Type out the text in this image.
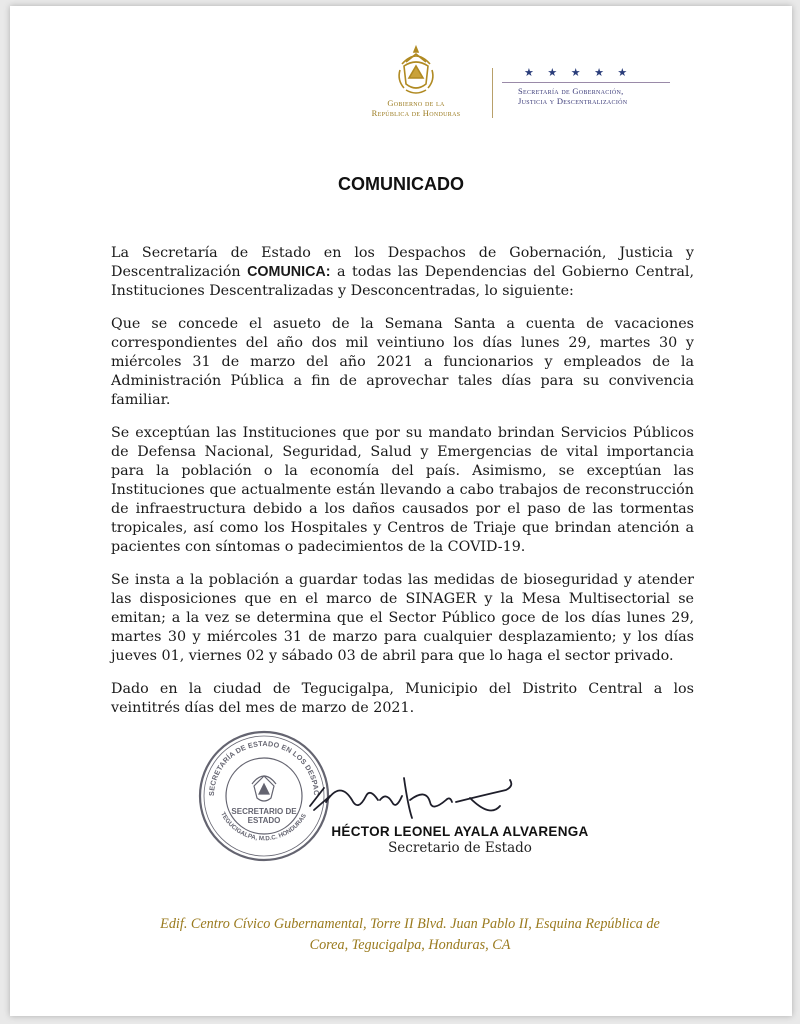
Gobierno de la
República de Honduras
★ ★ ★ ★ ★
Secretaría de Gobernación,
Justicia y Descentralización
COMUNICADO

La Secretaría de Estado en los Despachos de Gobernación, Justicia y Descentralización COMUNICA: a todas las Dependencias del Gobierno Central, Instituciones Descentralizadas y Desconcentradas, lo siguiente:

Que se concede el asueto de la Semana Santa a cuenta de vacaciones correspondientes del año dos mil veintiuno los días lunes 29, martes 30 y miércoles 31 de marzo del año 2021 a funcionarios y empleados de la Administración Pública a fin de aprovechar tales días para su convivencia familiar.

Se exceptúan las Instituciones que por su mandato brindan Servicios Públicos de Defensa Nacional, Seguridad, Salud y Emergencias de vital importancia para la población o la economía del país. Asimismo, se exceptúan las Instituciones que actualmente están llevando a cabo trabajos de reconstrucción de infraestructura debido a los daños causados por el paso de las tormentas tropicales, así como los Hospitales y Centros de Triaje que brindan atención a pacientes con síntomas o padecimientos de la COVID-19.

Se insta a la población a guardar todas las medidas de bioseguridad y atender las disposiciones que en el marco de SINAGER y la Mesa Multisectorial se emitan; a la vez se determina que el Sector Público goce de los días lunes 29, martes 30 y miércoles 31 de marzo para cualquier desplazamiento; y los días jueves 01, viernes 02 y sábado 03 de abril para que lo haga el sector privado.

Dado en la ciudad de Tegucigalpa, Municipio del Distrito Central a los veintitrés días del mes de marzo de 2021.

SECRETARÍA DE ESTADO EN LOS DESPAC
TEGUCIGALPA, M.D.C. HONDURAS
SECRETARIO DE
ESTADO
HÉCTOR LEONEL AYALA ALVARENGA
Secretario de Estado
Edif. Centro Cívico Gubernamental, Torre II Blvd. Juan Pablo II, Esquina República de
Corea, Tegucigalpa, Honduras, CA
